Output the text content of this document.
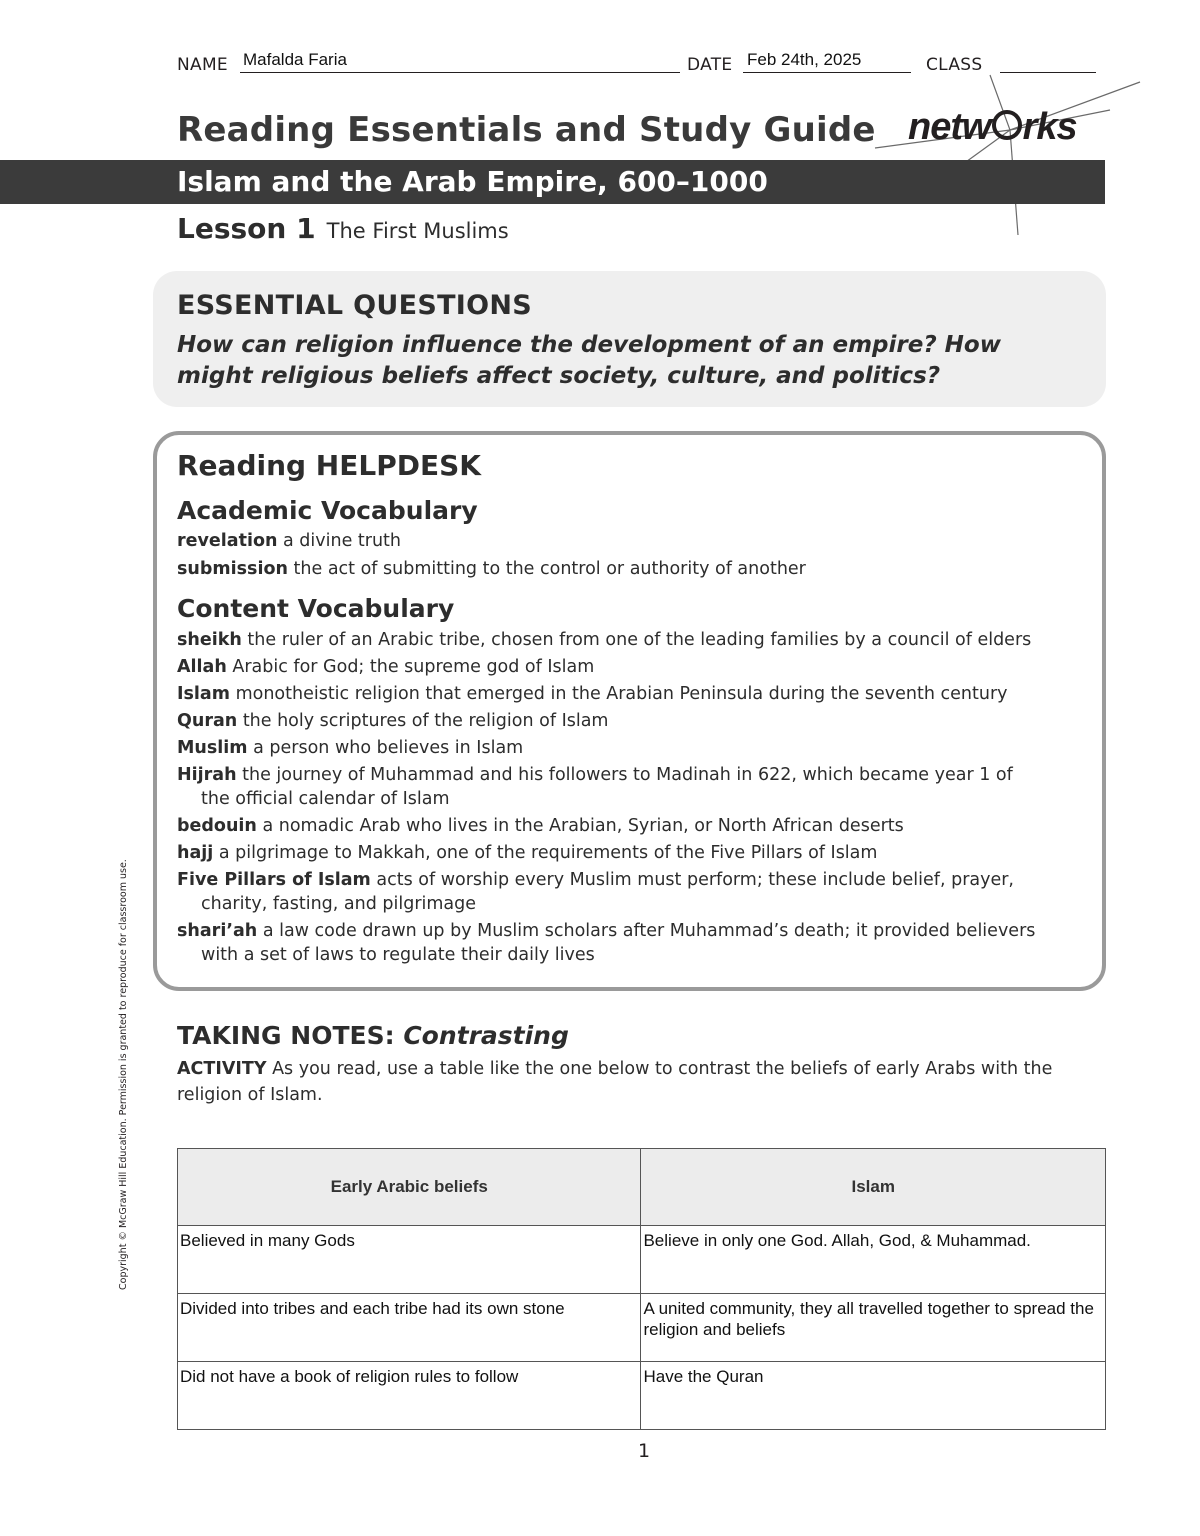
NAME Mafalda Faria	DATE Feb 24th, 2025	CLASS
Reading Essentials and Study Guide netw rks
Islam and the Arab Empire, 600–1000
Lesson 1 The First Muslims
ESSENTIAL QUESTIONS
How can religion influence the development of an empire? How
might religious beliefs affect society, culture, and politics?
Reading HELPDESK
Academic Vocabulary
revelation a divine truth
submission the act of submitting to the control or authority of another
Content Vocabulary
sheikh the ruler of an Arabic tribe, chosen from one of the leading families by a council of elders
Allah Arabic for God; the supreme god of Islam
Islam monotheistic religion that emerged in the Arabian Peninsula during the seventh century
Quran the holy scriptures of the religion of Islam
Muslim a person who believes in Islam
Hijrah the journey of Muhammad and his followers to Madinah in 622, which became year 1 of
the official calendar of Islam
bedouin a nomadic Arab who lives in the Arabian, Syrian, or North African deserts
hajj a pilgrimage to Makkah, one of the requirements of the Five Pillars of Islam
Five Pillars of Islam acts of worship every Muslim must perform; these include belief, prayer,
charity, fasting, and pilgrimage
shari’ah a law code drawn up by Muslim scholars after Muhammad’s death; it provided believers
with a set of laws to regulate their daily lives
TAKING NOTES: Contrasting
ACTIVITY As you read, use a table like the one below to contrast the beliefs of early Arabs with the religion of Islam.
Early Arabic beliefs	Islam
Believed in many Gods	Believe in only one God. Allah, God, & Muhammad.
Divided into tribes and each tribe had its own stone	A united community, they all travelled together to spread the religion and beliefs
Did not have a book of religion rules to follow	Have the Quran
Copyright © McGraw Hill Education. Permission is granted to reproduce for classroom use.
1
